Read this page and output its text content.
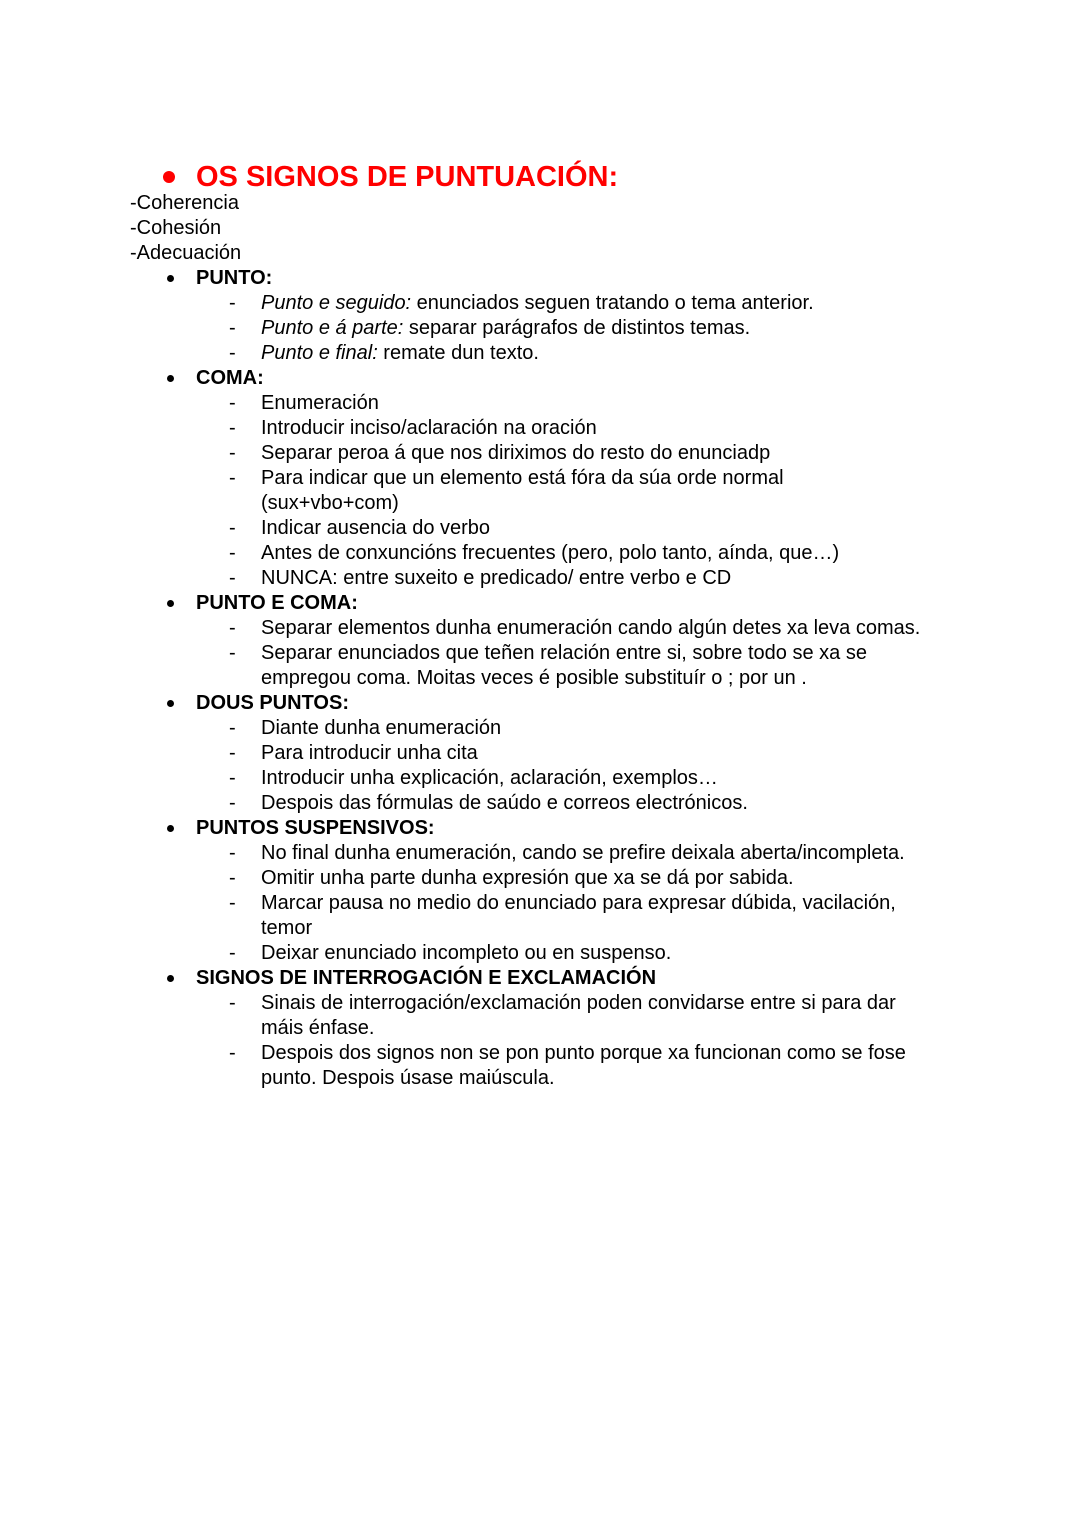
OS SIGNOS DE PUNTUACIÓN:
-Coherencia
-Cohesión
-Adecuación
PUNTO:
- Punto e seguido: enunciados seguen tratando o tema anterior.
- Punto e á parte: separar parágrafos de distintos temas.
- Punto e final: remate dun texto.
COMA:
- Enumeración
- Introducir inciso/aclaración na oración
- Separar peroa á que nos diriximos do resto do enunciadp
- Para indicar que un elemento está fóra da súa orde normal (sux+vbo+com)
- Indicar ausencia do verbo
- Antes de conxuncións frecuentes (pero, polo tanto, aínda, que…)
- NUNCA: entre suxeito e predicado/ entre verbo e CD
PUNTO E COMA:
- Separar elementos dunha enumeración cando algún detes xa leva comas.
- Separar enunciados que teñen relación entre si, sobre todo se xa se empregou coma. Moitas veces é posible substituír o ; por un .
DOUS PUNTOS:
- Diante dunha enumeración
- Para introducir unha cita
- Introducir unha explicación, aclaración, exemplos…
- Despois das fórmulas de saúdo e correos electrónicos.
PUNTOS SUSPENSIVOS:
- No final dunha enumeración, cando se prefire deixala aberta/incompleta.
- Omitir unha parte dunha expresión que xa se dá por sabida.
- Marcar pausa no medio do enunciado para expresar dúbida, vacilación, temor
- Deixar enunciado incompleto ou en suspenso.
SIGNOS DE INTERROGACIÓN E EXCLAMACIÓN
- Sinais de interrogación/exclamación poden convidarse entre si para dar máis énfase.
- Despois dos signos non se pon punto porque xa funcionan como se fose punto. Despois úsase maiúscula.
